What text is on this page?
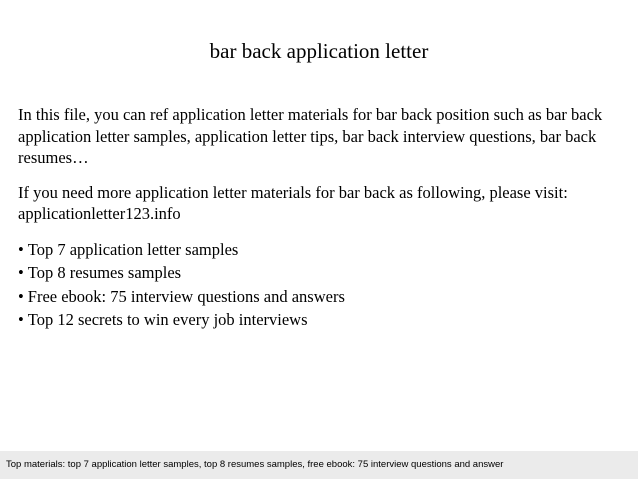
bar back application letter

In this file, you can ref application letter materials for bar back position such as bar back application letter samples, application letter tips, bar back interview questions, bar back resumes…

If you need more application letter materials for bar back as following, please visit: applicationletter123.info

• Top 7 application letter samples
• Top 8 resumes samples
• Free ebook: 75 interview questions and answers
• Top 12 secrets to win every job interviews
Top materials: top 7 application letter samples, top 8 resumes samples, free ebook: 75 interview questions and answer
